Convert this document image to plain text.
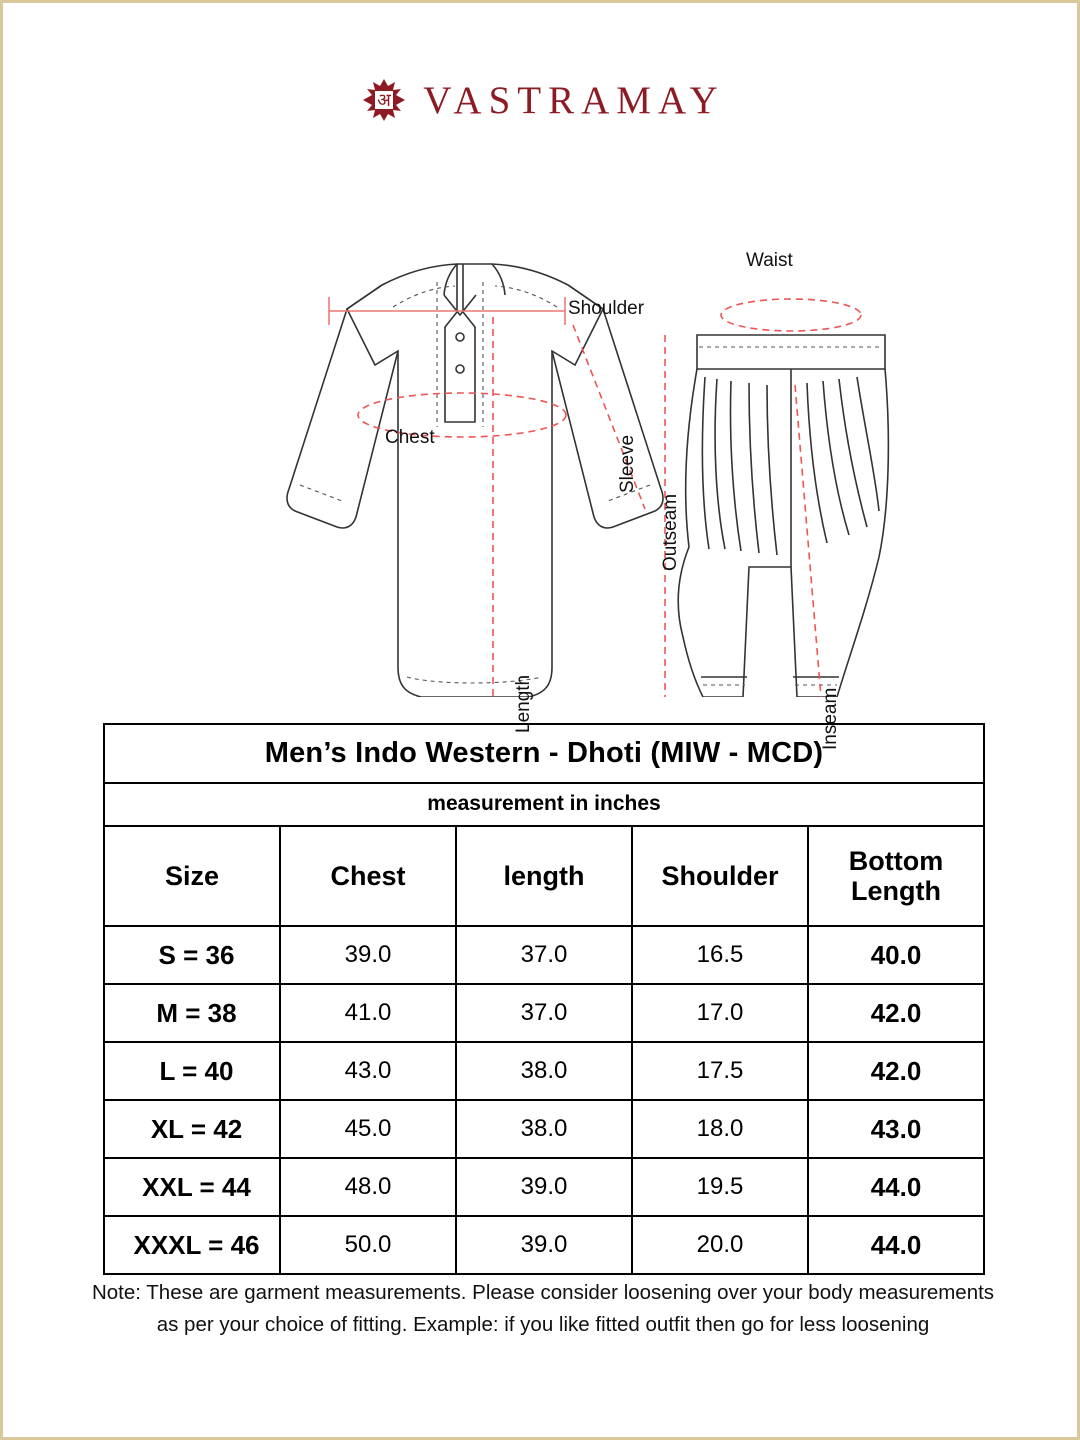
अ VASTRAMAY
Shoulder
Chest	Sleeve
Length
Waist
Outseam
Inseam
Men’s Indo Western - Dhoti (MIW - MCD)				
measurement in inches				
Size	Chest	length	Shoulder	Bottom
Length

S = 36	39.0	37.0	16.5	40.0
M = 38	41.0	37.0	17.0	42.0
L = 40	43.0	38.0	17.5	42.0
XL = 42	45.0	38.0	18.0	43.0
XXL = 44	48.0	39.0	19.5	44.0
XXXL = 46	50.0	39.0	20.0	44.0
Note: These are garment measurements. Please consider loosening over your body measurements
as per your choice of fitting. Example: if you like fitted outfit then go for less loosening
